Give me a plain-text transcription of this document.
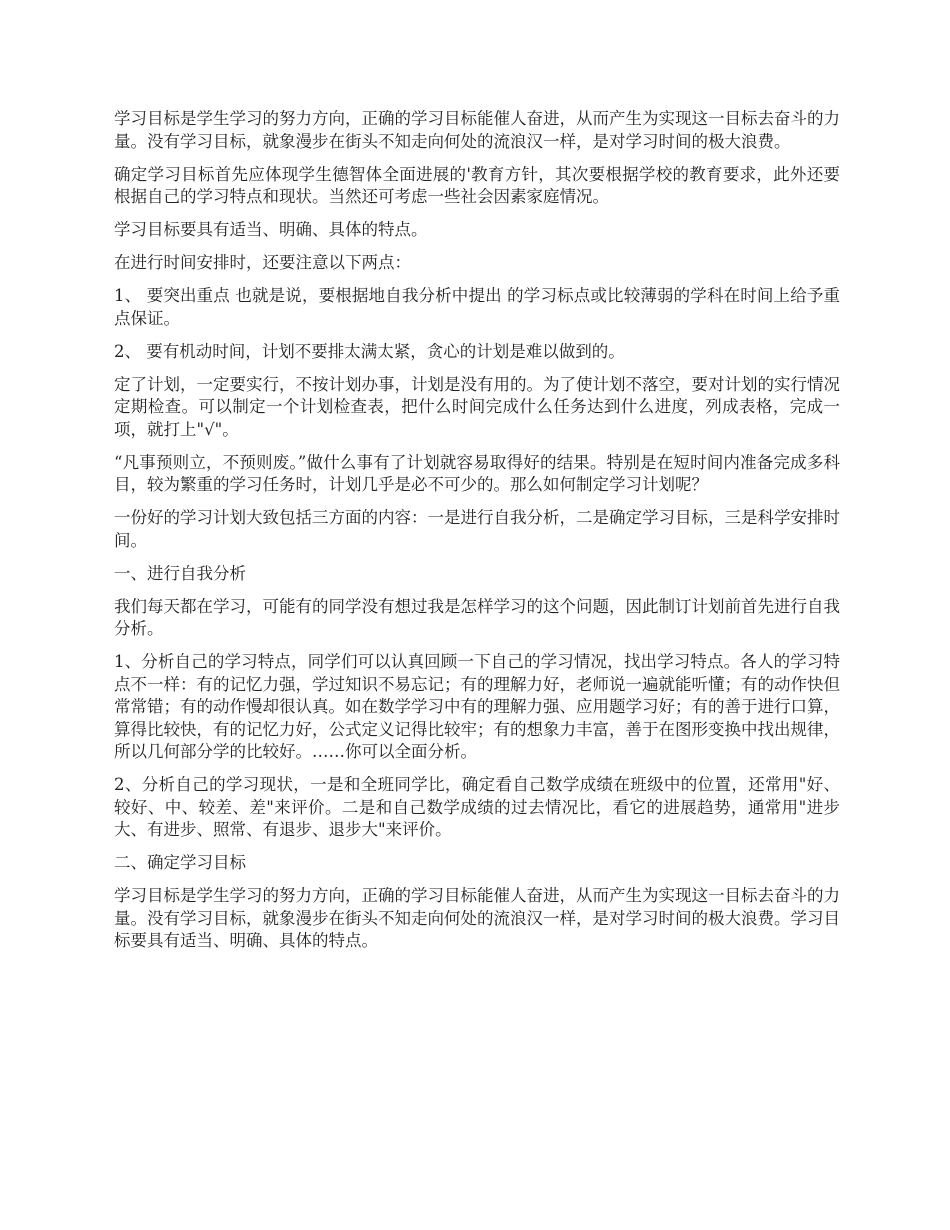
学习目标是学生学习的努力方向，正确的学习目标能催人奋进，从而产生为实现这一目标去奋斗的力量。没有学习目标，就象漫步在街头不知走向何处的流浪汉一样，是对学习时间的极大浪费。

确定学习目标首先应体现学生德智体全面进展的'教育方针，其次要根据学校的教育要求，此外还要根据自己的学习特点和现状。当然还可考虑一些社会因素家庭情况。

学习目标要具有适当、明确、具体的特点。

在进行时间安排时，还要注意以下两点：

1、 要突出重点 也就是说，要根据地自我分析中提出 的学习标点或比较薄弱的学科在时间上给予重点保证。

2、 要有机动时间，计划不要排太满太紧，贪心的计划是难以做到的。

定了计划，一定要实行，不按计划办事，计划是没有用的。为了使计划不落空，要对计划的实行情况定期检查。可以制定一个计划检查表，把什么时间完成什么任务达到什么进度，列成表格，完成一项，就打上"√"。

“凡事预则立，不预则废。”做什么事有了计划就容易取得好的结果。特别是在短时间内准备完成多科目，较为繁重的学习任务时，计划几乎是必不可少的。那么如何制定学习计划呢？

一份好的学习计划大致包括三方面的内容：一是进行自我分析，二是确定学习目标，三是科学安排时间。

一、进行自我分析

我们每天都在学习，可能有的同学没有想过我是怎样学习的这个问题，因此制订计划前首先进行自我分析。

1、分析自己的学习特点，同学们可以认真回顾一下自己的学习情况，找出学习特点。各人的学习特点不一样：有的记忆力强，学过知识不易忘记；有的理解力好，老师说一遍就能听懂；有的动作快但常常错；有的动作慢却很认真。如在数学学习中有的理解力强、应用题学习好；有的善于进行口算，算得比较快，有的记忆力好，公式定义记得比较牢；有的想象力丰富，善于在图形变换中找出规律，所以几何部分学的比较好。……你可以全面分析。

2、分析自己的学习现状，一是和全班同学比，确定看自己数学成绩在班级中的位置，还常用"好、较好、中、较差、差"来评价。二是和自己数学成绩的过去情况比，看它的进展趋势，通常用"进步大、有进步、照常、有退步、退步大"来评价。

二、确定学习目标

学习目标是学生学习的努力方向，正确的学习目标能催人奋进，从而产生为实现这一目标去奋斗的力量。没有学习目标，就象漫步在街头不知走向何处的流浪汉一样，是对学习时间的极大浪费。学习目标要具有适当、明确、具体的特点。
